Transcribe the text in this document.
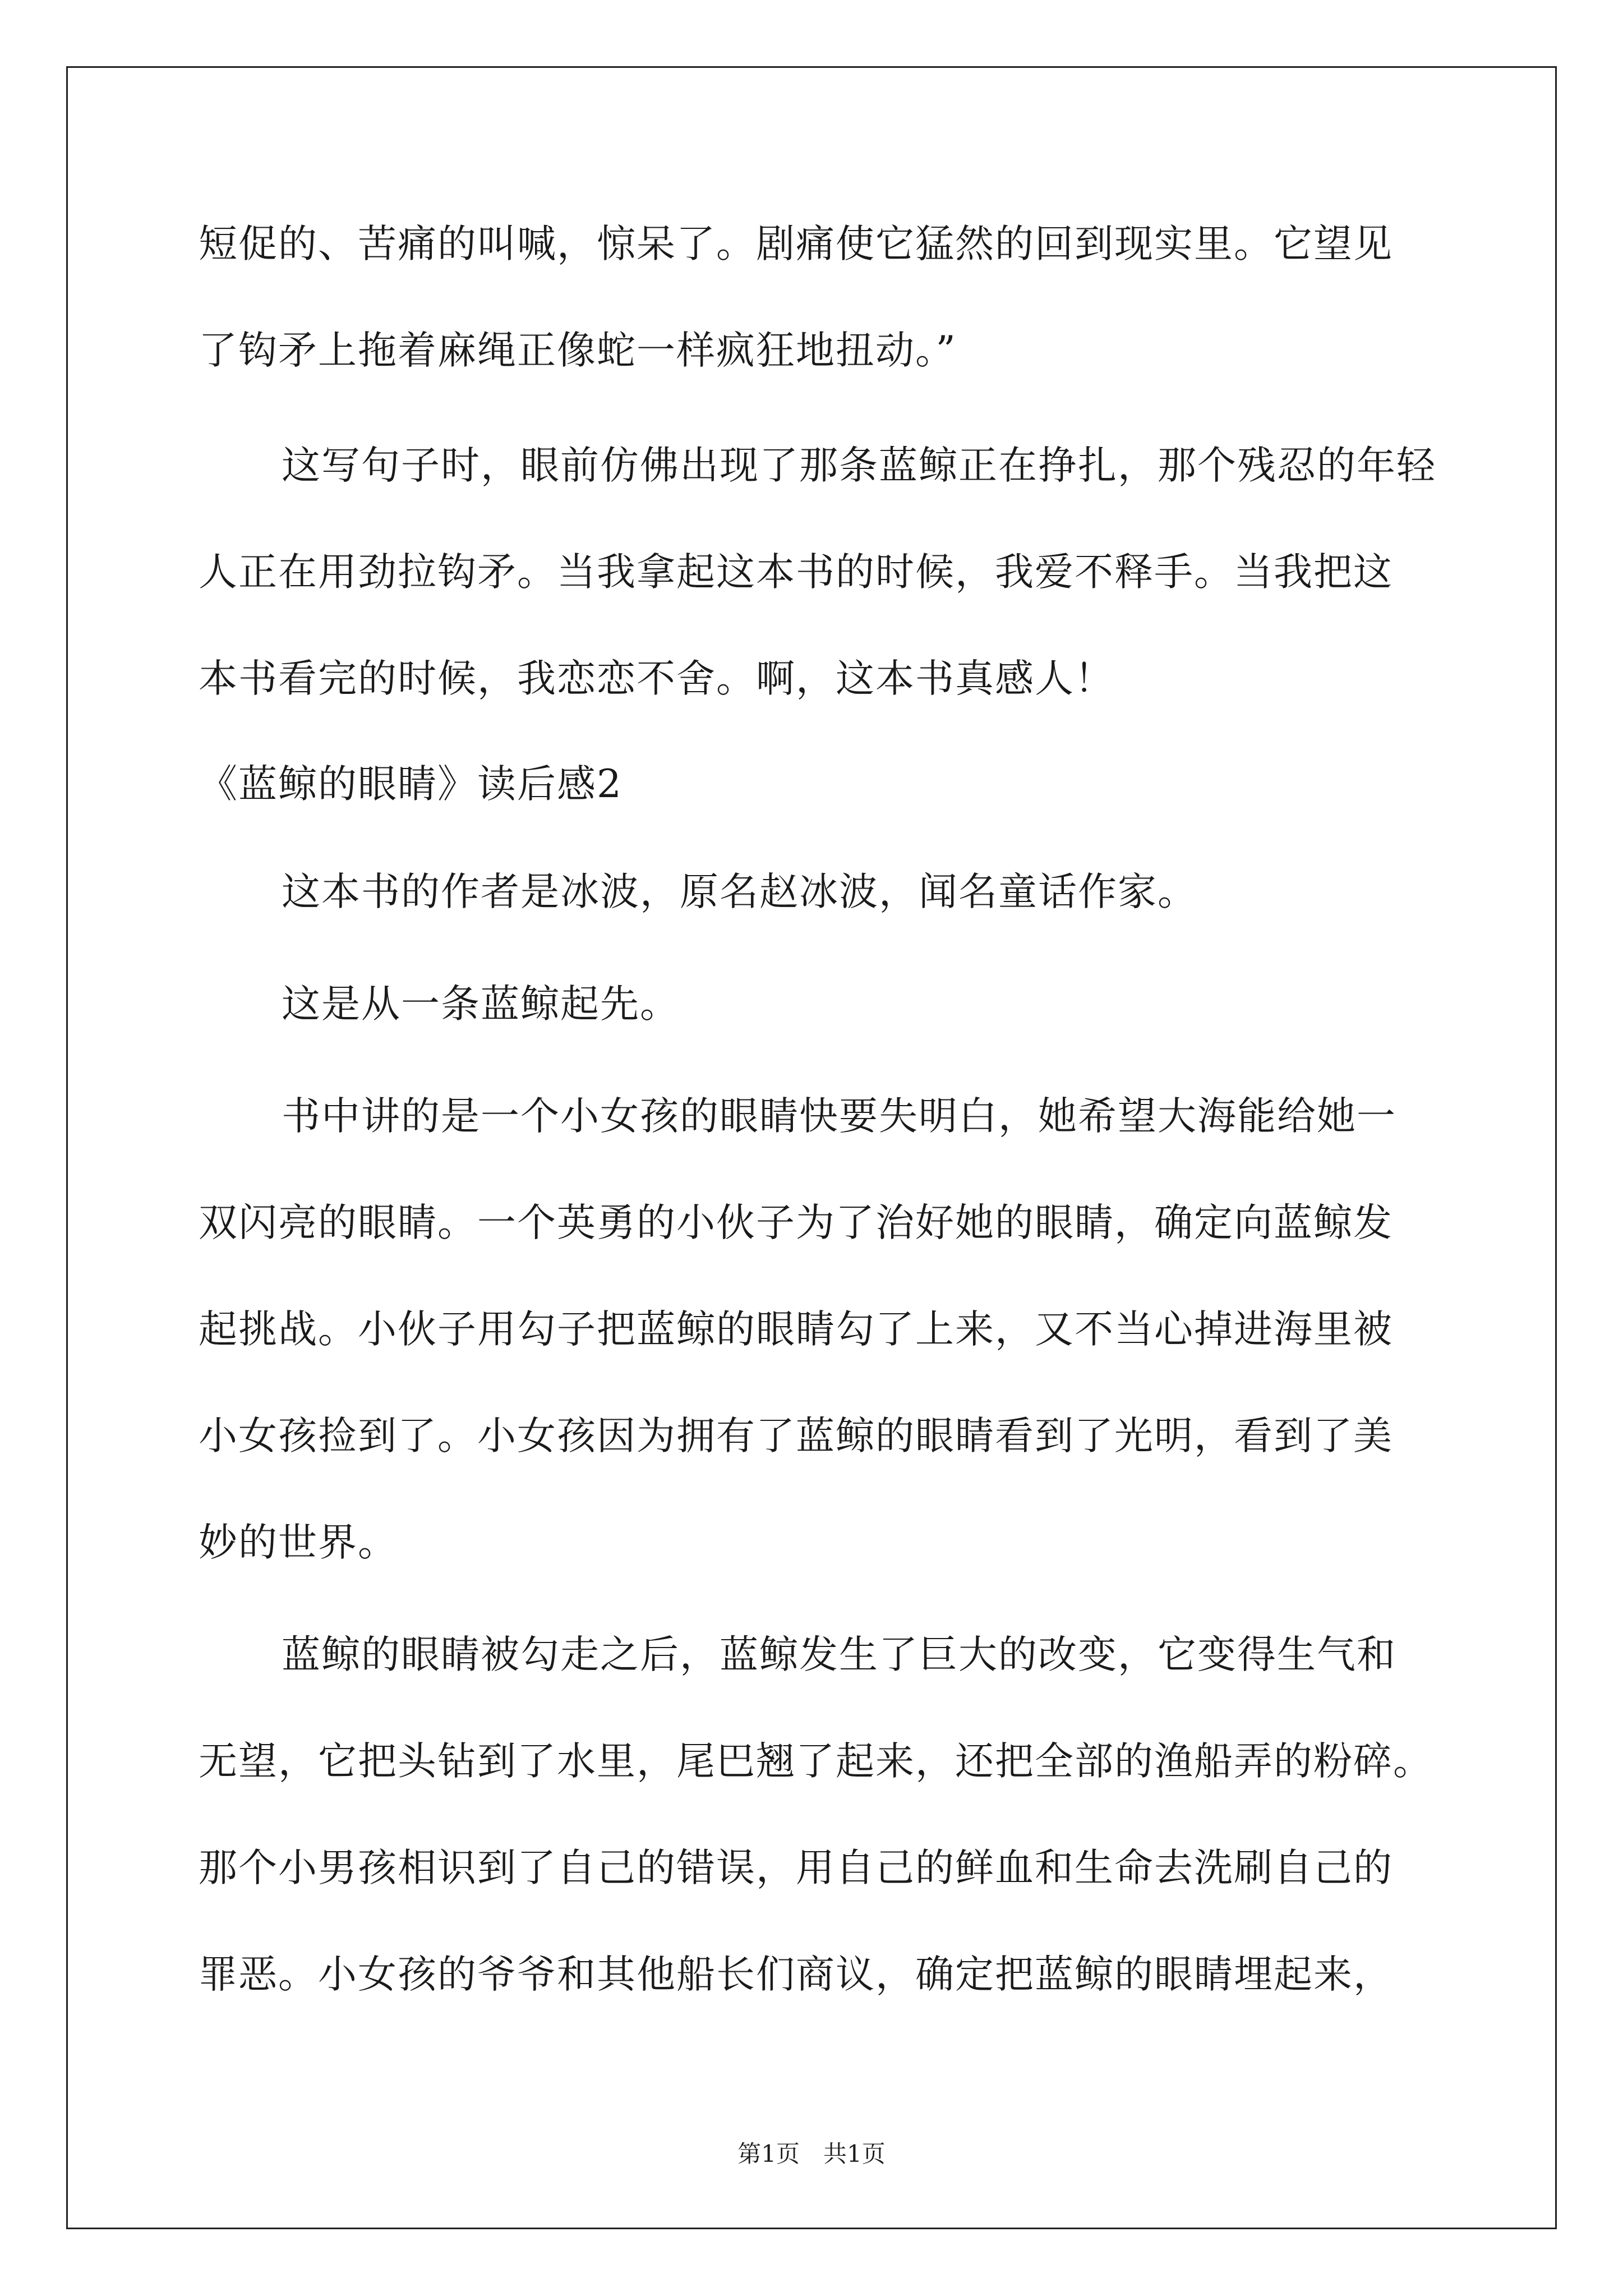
短促的、苦痛的叫喊，惊呆了。剧痛使它猛然的回到现实里。它望见
了钩矛上拖着麻绳正像蛇一样疯狂地扭动。”
这写句子时，眼前仿佛出现了那条蓝鲸正在挣扎，那个残忍的年轻
人正在用劲拉钩矛。当我拿起这本书的时候，我爱不释手。当我把这
本书看完的时候，我恋恋不舍。啊，这本书真感人！
《蓝鲸的眼睛》读后感2
这本书的作者是冰波，原名赵冰波，闻名童话作家。
这是从一条蓝鲸起先。
书中讲的是一个小女孩的眼睛快要失明白，她希望大海能给她一
双闪亮的眼睛。一个英勇的小伙子为了治好她的眼睛，确定向蓝鲸发
起挑战。小伙子用勾子把蓝鲸的眼睛勾了上来，又不当心掉进海里被
小女孩捡到了。小女孩因为拥有了蓝鲸的眼睛看到了光明，看到了美
妙的世界。
蓝鲸的眼睛被勾走之后，蓝鲸发生了巨大的改变，它变得生气和
无望，它把头钻到了水里，尾巴翘了起来，还把全部的渔船弄的粉碎。
那个小男孩相识到了自己的错误，用自己的鲜血和生命去洗刷自己的
罪恶。小女孩的爷爷和其他船长们商议，确定把蓝鲸的眼睛埋起来，
第1页　共1页
